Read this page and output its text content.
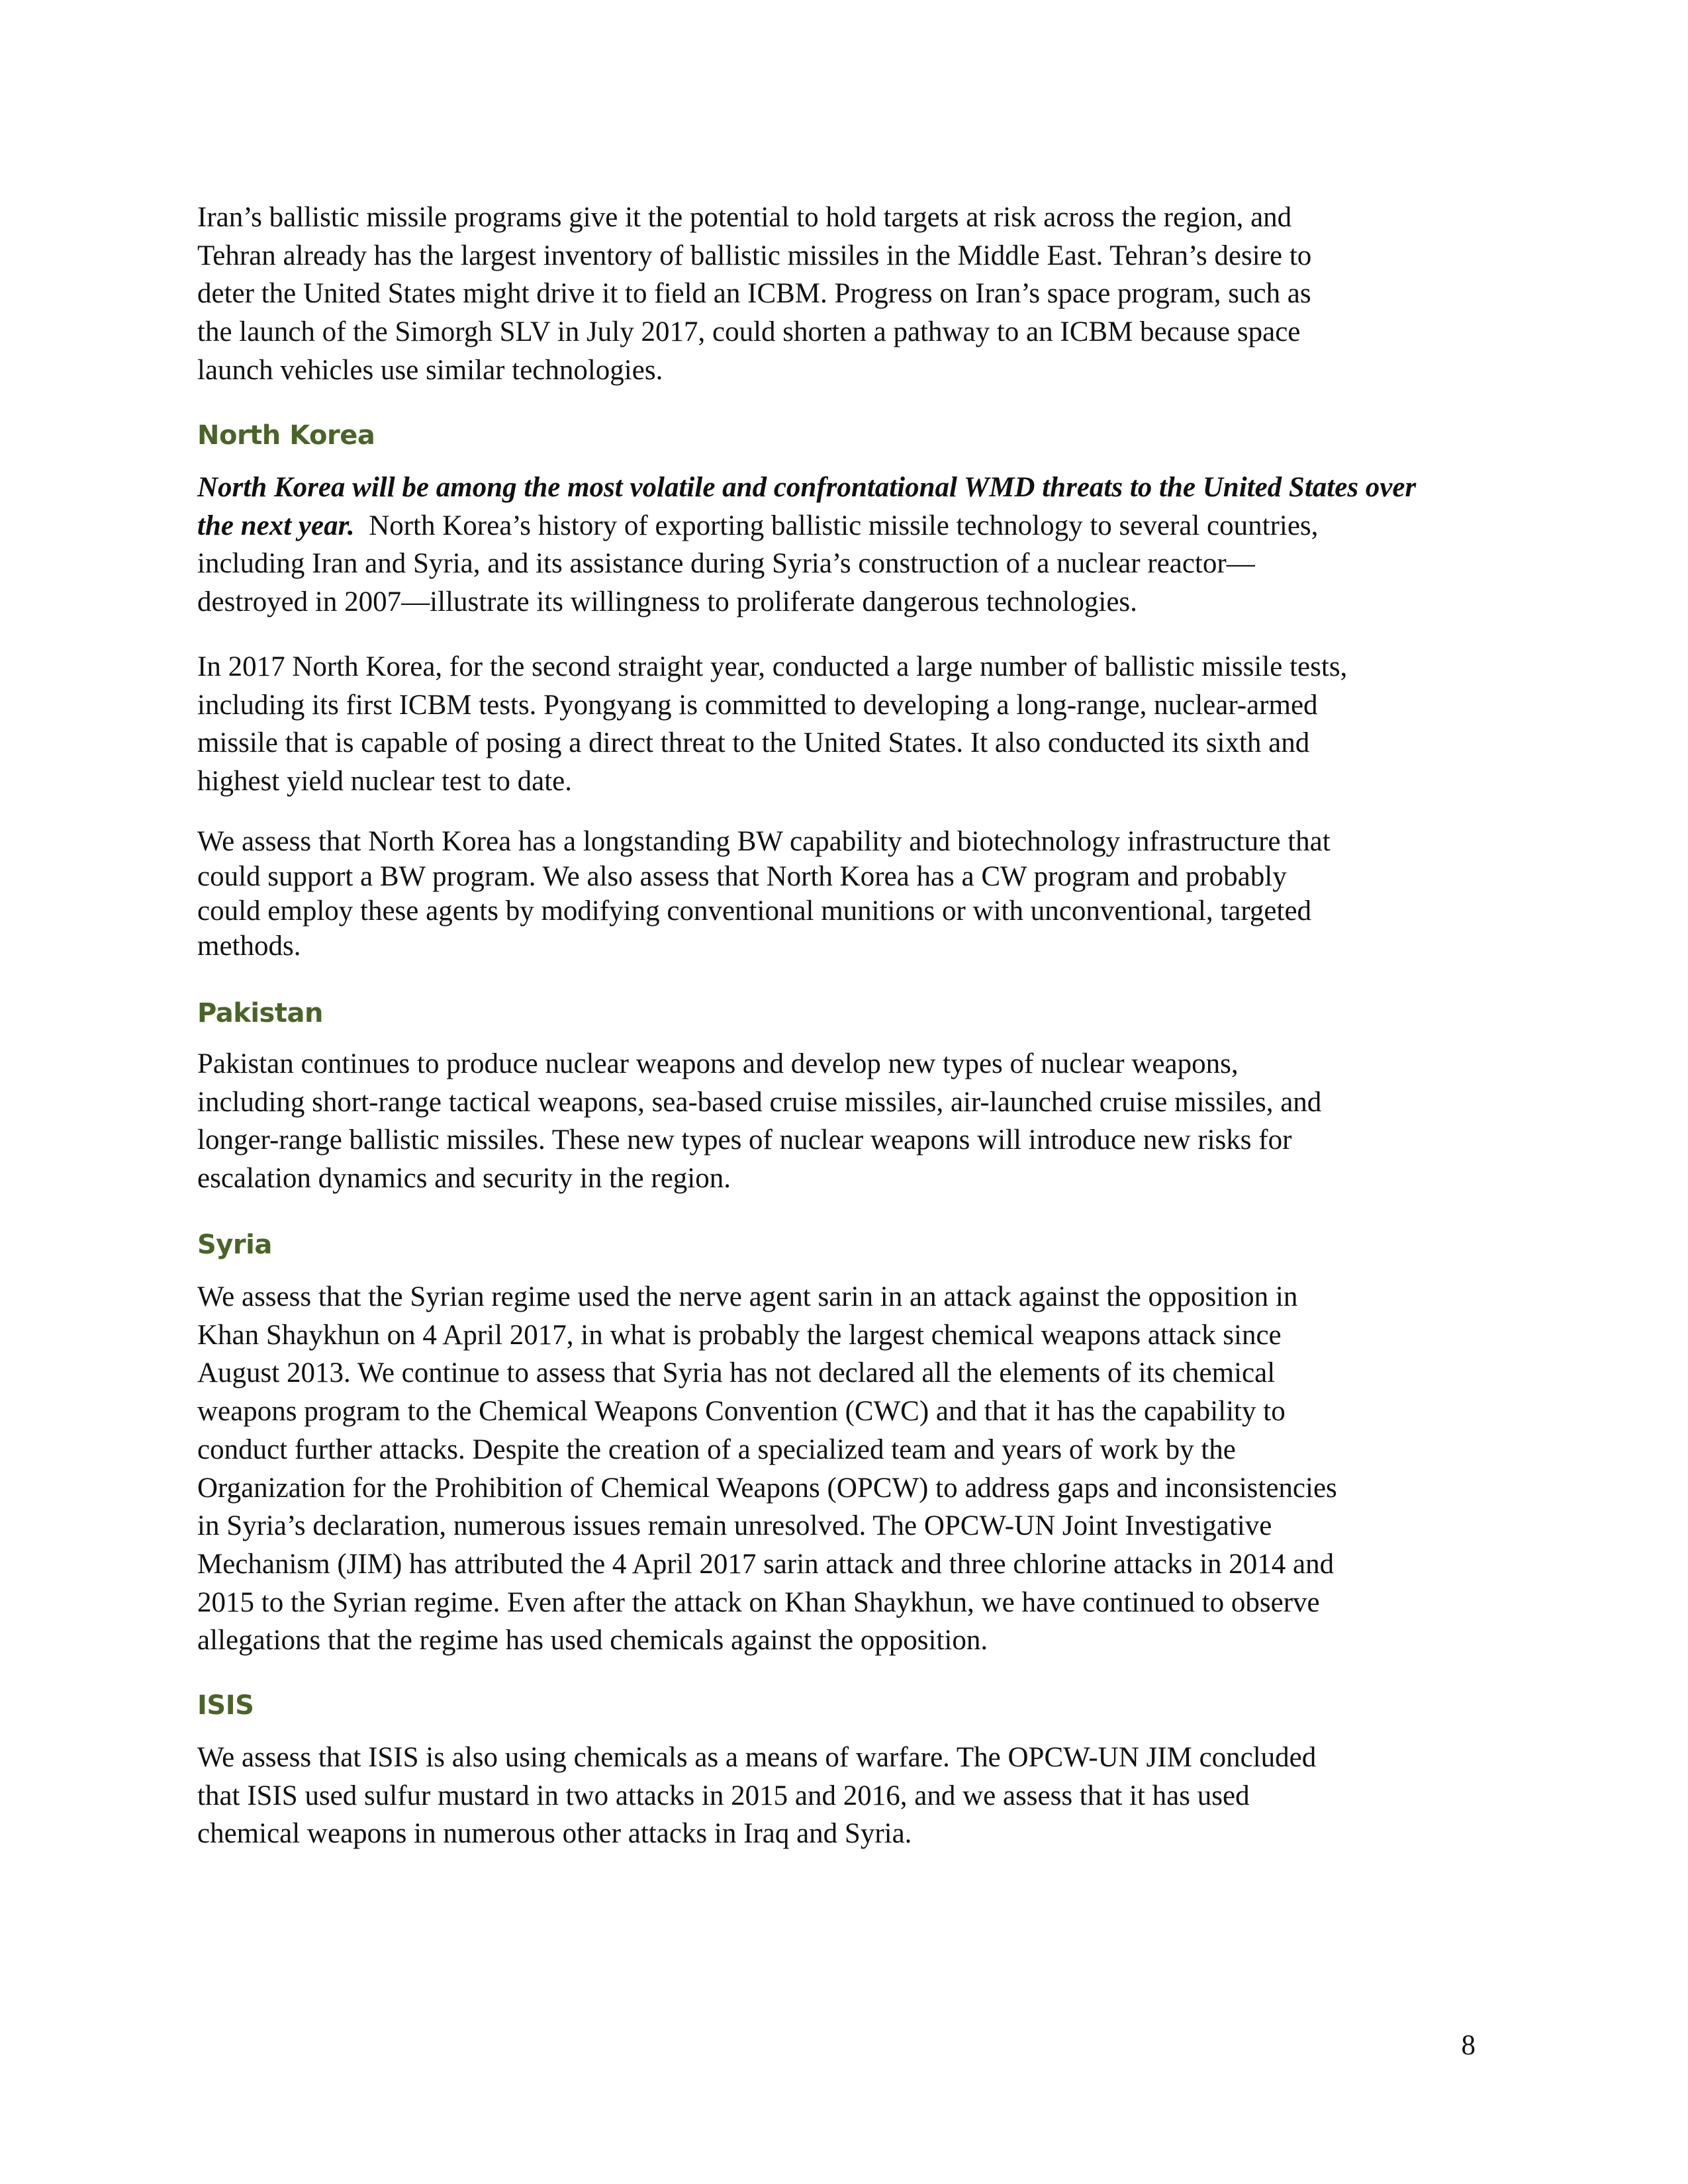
Iran’s ballistic missile programs give it the potential to hold targets at risk across the region, and
Tehran already has the largest inventory of ballistic missiles in the Middle East. Tehran’s desire to
deter the United States might drive it to field an ICBM. Progress on Iran’s space program, such as
the launch of the Simorgh SLV in July 2017, could shorten a pathway to an ICBM because space
launch vehicles use similar technologies.
North Korea
North Korea will be among the most volatile and confrontational WMD threats to the United States over
the next year.  North Korea’s history of exporting ballistic missile technology to several countries,
including Iran and Syria, and its assistance during Syria’s construction of a nuclear reactor—
destroyed in 2007—illustrate its willingness to proliferate dangerous technologies.
In 2017 North Korea, for the second straight year, conducted a large number of ballistic missile tests,
including its first ICBM tests. Pyongyang is committed to developing a long-range, nuclear-armed
missile that is capable of posing a direct threat to the United States. It also conducted its sixth and
highest yield nuclear test to date.
We assess that North Korea has a longstanding BW capability and biotechnology infrastructure that
could support a BW program. We also assess that North Korea has a CW program and probably
could employ these agents by modifying conventional munitions or with unconventional, targeted
methods.
Pakistan
Pakistan continues to produce nuclear weapons and develop new types of nuclear weapons,
including short-range tactical weapons, sea-based cruise missiles, air-launched cruise missiles, and
longer-range ballistic missiles. These new types of nuclear weapons will introduce new risks for
escalation dynamics and security in the region.
Syria
We assess that the Syrian regime used the nerve agent sarin in an attack against the opposition in
Khan Shaykhun on 4 April 2017, in what is probably the largest chemical weapons attack since
August 2013. We continue to assess that Syria has not declared all the elements of its chemical
weapons program to the Chemical Weapons Convention (CWC) and that it has the capability to
conduct further attacks. Despite the creation of a specialized team and years of work by the
Organization for the Prohibition of Chemical Weapons (OPCW) to address gaps and inconsistencies
in Syria’s declaration, numerous issues remain unresolved. The OPCW-UN Joint Investigative
Mechanism (JIM) has attributed the 4 April 2017 sarin attack and three chlorine attacks in 2014 and
2015 to the Syrian regime. Even after the attack on Khan Shaykhun, we have continued to observe
allegations that the regime has used chemicals against the opposition.
ISIS
We assess that ISIS is also using chemicals as a means of warfare. The OPCW-UN JIM concluded
that ISIS used sulfur mustard in two attacks in 2015 and 2016, and we assess that it has used
chemical weapons in numerous other attacks in Iraq and Syria.
8
